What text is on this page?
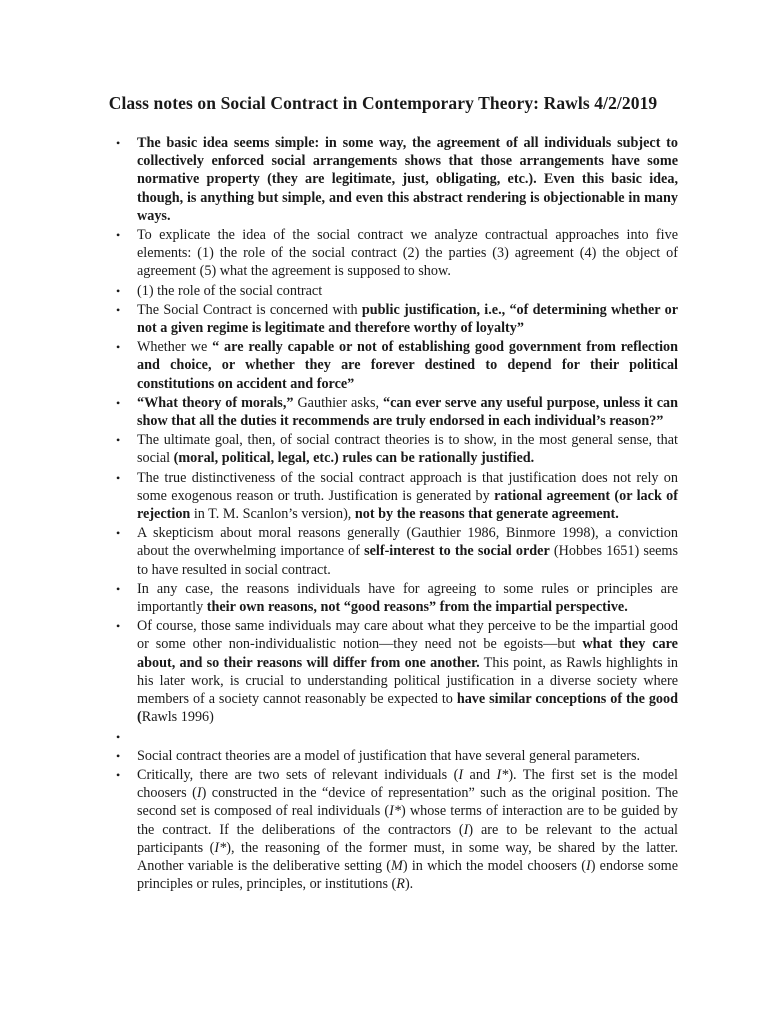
Class notes on Social Contract in Contemporary Theory: Rawls 4/2/2019
• The basic idea seems simple: in some way, the agreement of all individuals subject to collectively enforced social arrangements shows that those arrangements have some normative property (they are legitimate, just, obligating, etc.). Even this basic idea, though, is anything but simple, and even this abstract rendering is objectionable in many ways.
• To explicate the idea of the social contract we analyze contractual approaches into five elements: (1) the role of the social contract (2) the parties (3) agreement (4) the object of agreement (5) what the agreement is supposed to show.
• (1) the role of the social contract
• The Social Contract is concerned with public justification, i.e., “of determining whether or not a given regime is legitimate and therefore worthy of loyalty”
• Whether we “ are really capable or not of establishing good government from reflection and choice, or whether they are forever destined to depend for their political constitutions on accident and force”
• “What theory of morals,” Gauthier asks, “can ever serve any useful purpose, unless it can show that all the duties it recommends are truly endorsed in each individual’s reason?”
• The ultimate goal, then, of social contract theories is to show, in the most general sense, that social (moral, political, legal, etc.) rules can be rationally justified.
• The true distinctiveness of the social contract approach is that justification does not rely on some exogenous reason or truth. Justification is generated by rational agreement (or lack of rejection in T. M. Scanlon’s version), not by the reasons that generate agreement.
• A skepticism about moral reasons generally (Gauthier 1986, Binmore 1998), a conviction about the overwhelming importance of self-interest to the social order (Hobbes 1651) seems to have resulted in social contract.
• In any case, the reasons individuals have for agreeing to some rules or principles are importantly their own reasons, not “good reasons” from the impartial perspective.
• Of course, those same individuals may care about what they perceive to be the impartial good or some other non-individualistic notion—they need not be egoists—but what they care about, and so their reasons will differ from one another. This point, as Rawls highlights in his later work, is crucial to understanding political justification in a diverse society where members of a society cannot reasonably be expected to have similar conceptions of the good (Rawls 1996)
•
• Social contract theories are a model of justification that have several general parameters.
• Critically, there are two sets of relevant individuals (I and I*). The first set is the model choosers (I) constructed in the “device of representation” such as the original position. The second set is composed of real individuals (I*) whose terms of interaction are to be guided by the contract. If the deliberations of the contractors (I) are to be relevant to the actual participants (I*), the reasoning of the former must, in some way, be shared by the latter. Another variable is the deliberative setting (M) in which the model choosers (I) endorse some principles or rules, principles, or institutions (R).
